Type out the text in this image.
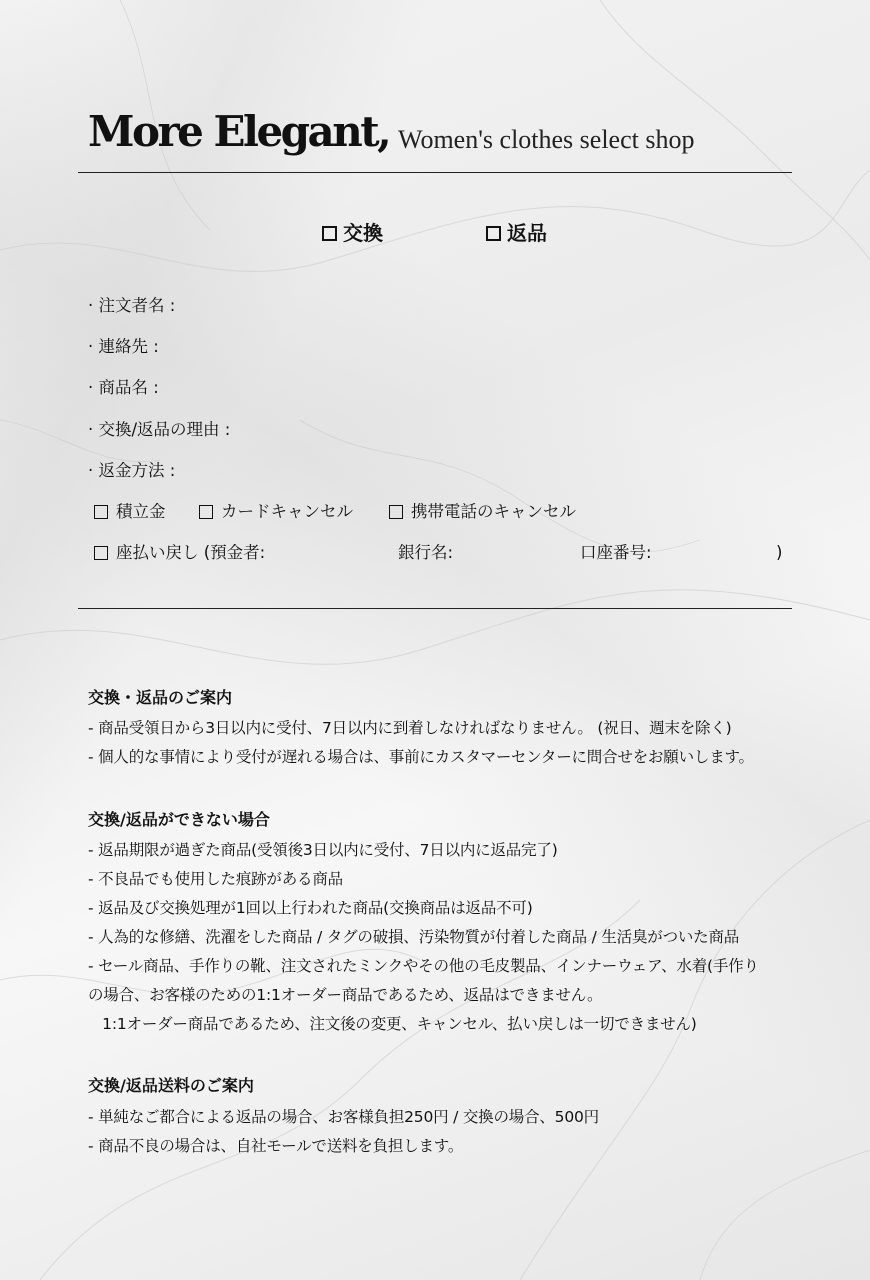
More Elegant, Women's clothes select shop
交換	返品
· 注文者名 :
· 連絡先 :
· 商品名 :
· 交換/返品の理由 :
· 返金方法 :
積立金	カードキャンセル	携帯電話のキャンセル
座払い戻し (預金者:	銀行名:	口座番号:	)
交換・返品のご案内
- 商品受領日から3日以内に受付、7日以内に到着しなければなりません。 (祝日、週末を除く)
- 個人的な事情により受付が遅れる場合は、事前にカスタマーセンターに問合せをお願いします。
交換/返品ができない場合
- 返品期限が過ぎた商品(受領後3日以内に受付、7日以内に返品完了)
- 不良品でも使用した痕跡がある商品
- 返品及び交換処理が1回以上行われた商品(交換商品は返品不可)
- 人為的な修繕、洗濯をした商品 / タグの破損、汚染物質が付着した商品 / 生活臭がついた商品
- セール商品、手作りの靴、注文されたミンクやその他の毛皮製品、インナーウェア、水着(手作り
の場合、お客様のための1:1オーダー商品であるため、返品はできません。
1:1オーダー商品であるため、注文後の変更、キャンセル、払い戻しは一切できません)
交換/返品送料のご案内
- 単純なご都合による返品の場合、お客様負担250円 / 交換の場合、500円
- 商品不良の場合は、自社モールで送料を負担します。
